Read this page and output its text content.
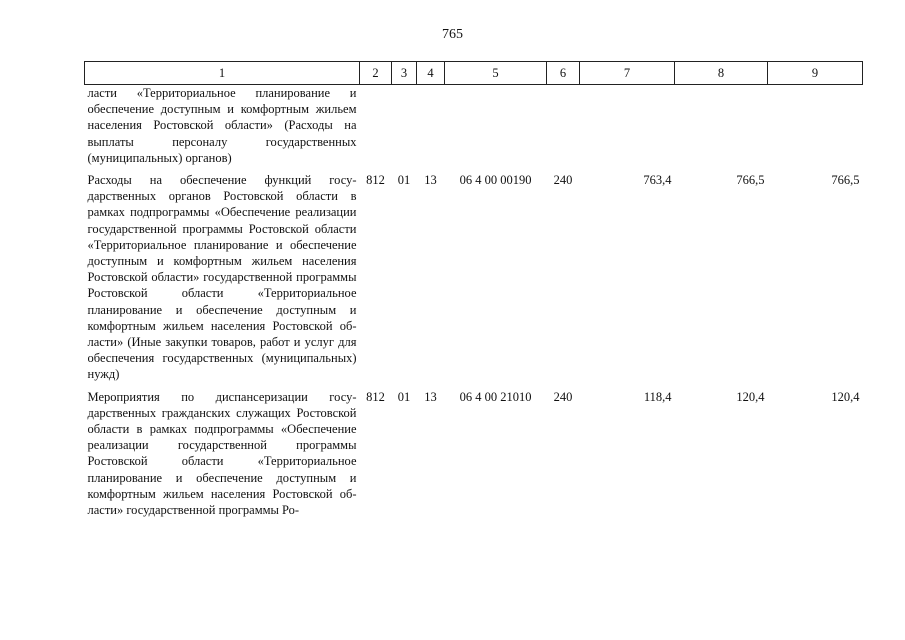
765
1	2	3	4	5	6	7	8	9
ласти «Территориальное планирование и обеспечение доступным и комфортным жильем населения Ростовской области» (Расходы на выплаты персоналу государственных (муниципальных) органов)								
Расходы на обеспечение функций государственных органов Ростовской области в рамках подпрограммы «Обеспечение реализации государственной программы Ростовской области «Территориальное планирование и обеспечение доступным и комфортным жильем населения Ростовской области» государственной программы Ростовской области «Территориальное планирование и обеспечение доступным и комфортным жильем населения Ростовской области» (Иные закупки товаров, работ и услуг для обеспечения государственных (муниципальных) нужд)	812	01	13	06 4 00 00190	240	763,4	766,5	766,5
Мероприятия по диспансеризации государственных гражданских служащих Ростовской области в рамках подпрограммы «Обеспечение реализации государственной программы Ростовской области «Территориальное планирование и обеспечение доступным и комфортным жильем населения Ростовской области» государственной программы Ро-	812	01	13	06 4 00 21010	240	118,4	120,4	120,4
